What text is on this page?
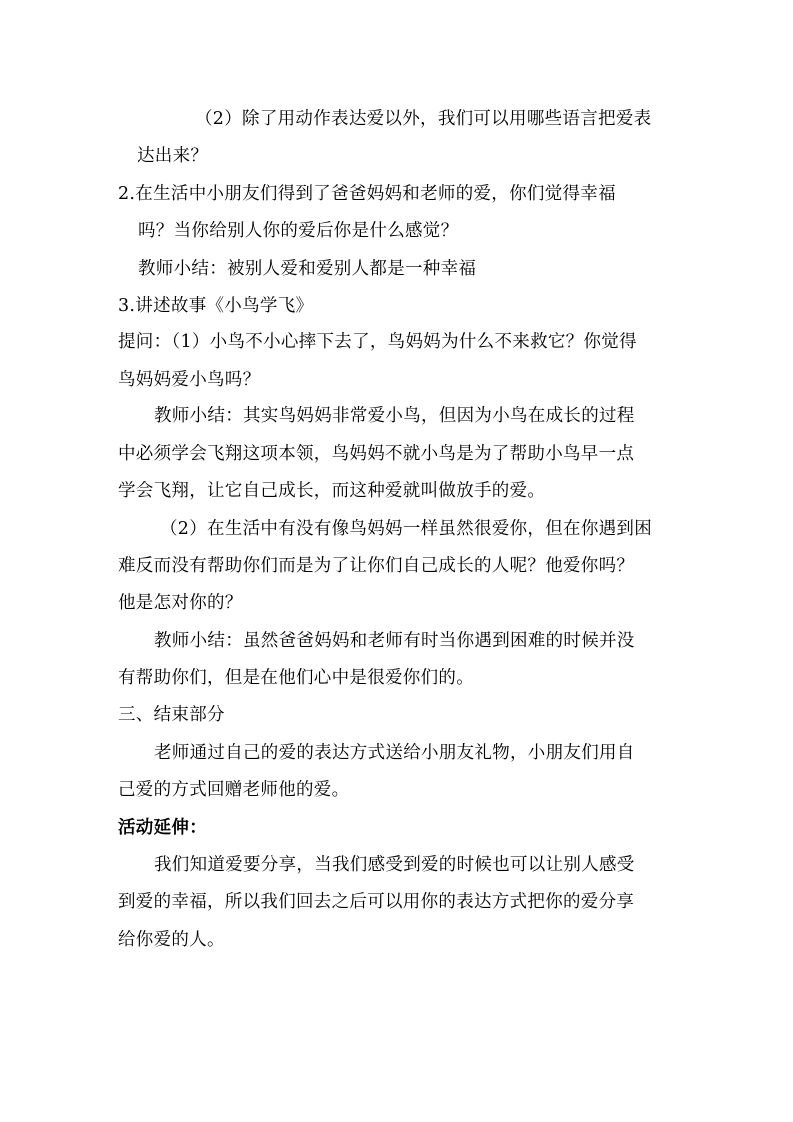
（2）除了用动作表达爱以外，我们可以用哪些语言把爱表
达出来？
2.在生活中小朋友们得到了爸爸妈妈和老师的爱，你们觉得幸福
吗？当你给别人你的爱后你是什么感觉？
教师小结：被别人爱和爱别人都是一种幸福
3.讲述故事《小鸟学飞》
提问：（1）小鸟不小心摔下去了，鸟妈妈为什么不来救它？你觉得
鸟妈妈爱小鸟吗？
教师小结：其实鸟妈妈非常爱小鸟，但因为小鸟在成长的过程
中必须学会飞翔这项本领，鸟妈妈不就小鸟是为了帮助小鸟早一点
学会飞翔，让它自己成长，而这种爱就叫做放手的爱。
（2）在生活中有没有像鸟妈妈一样虽然很爱你，但在你遇到困
难反而没有帮助你们而是为了让你们自己成长的人呢？他爱你吗？
他是怎对你的？
教师小结：虽然爸爸妈妈和老师有时当你遇到困难的时候并没
有帮助你们，但是在他们心中是很爱你们的。
三、结束部分
老师通过自己的爱的表达方式送给小朋友礼物，小朋友们用自
己爱的方式回赠老师他的爱。
活动延伸：
我们知道爱要分享，当我们感受到爱的时候也可以让别人感受
到爱的幸福，所以我们回去之后可以用你的表达方式把你的爱分享
给你爱的人。
